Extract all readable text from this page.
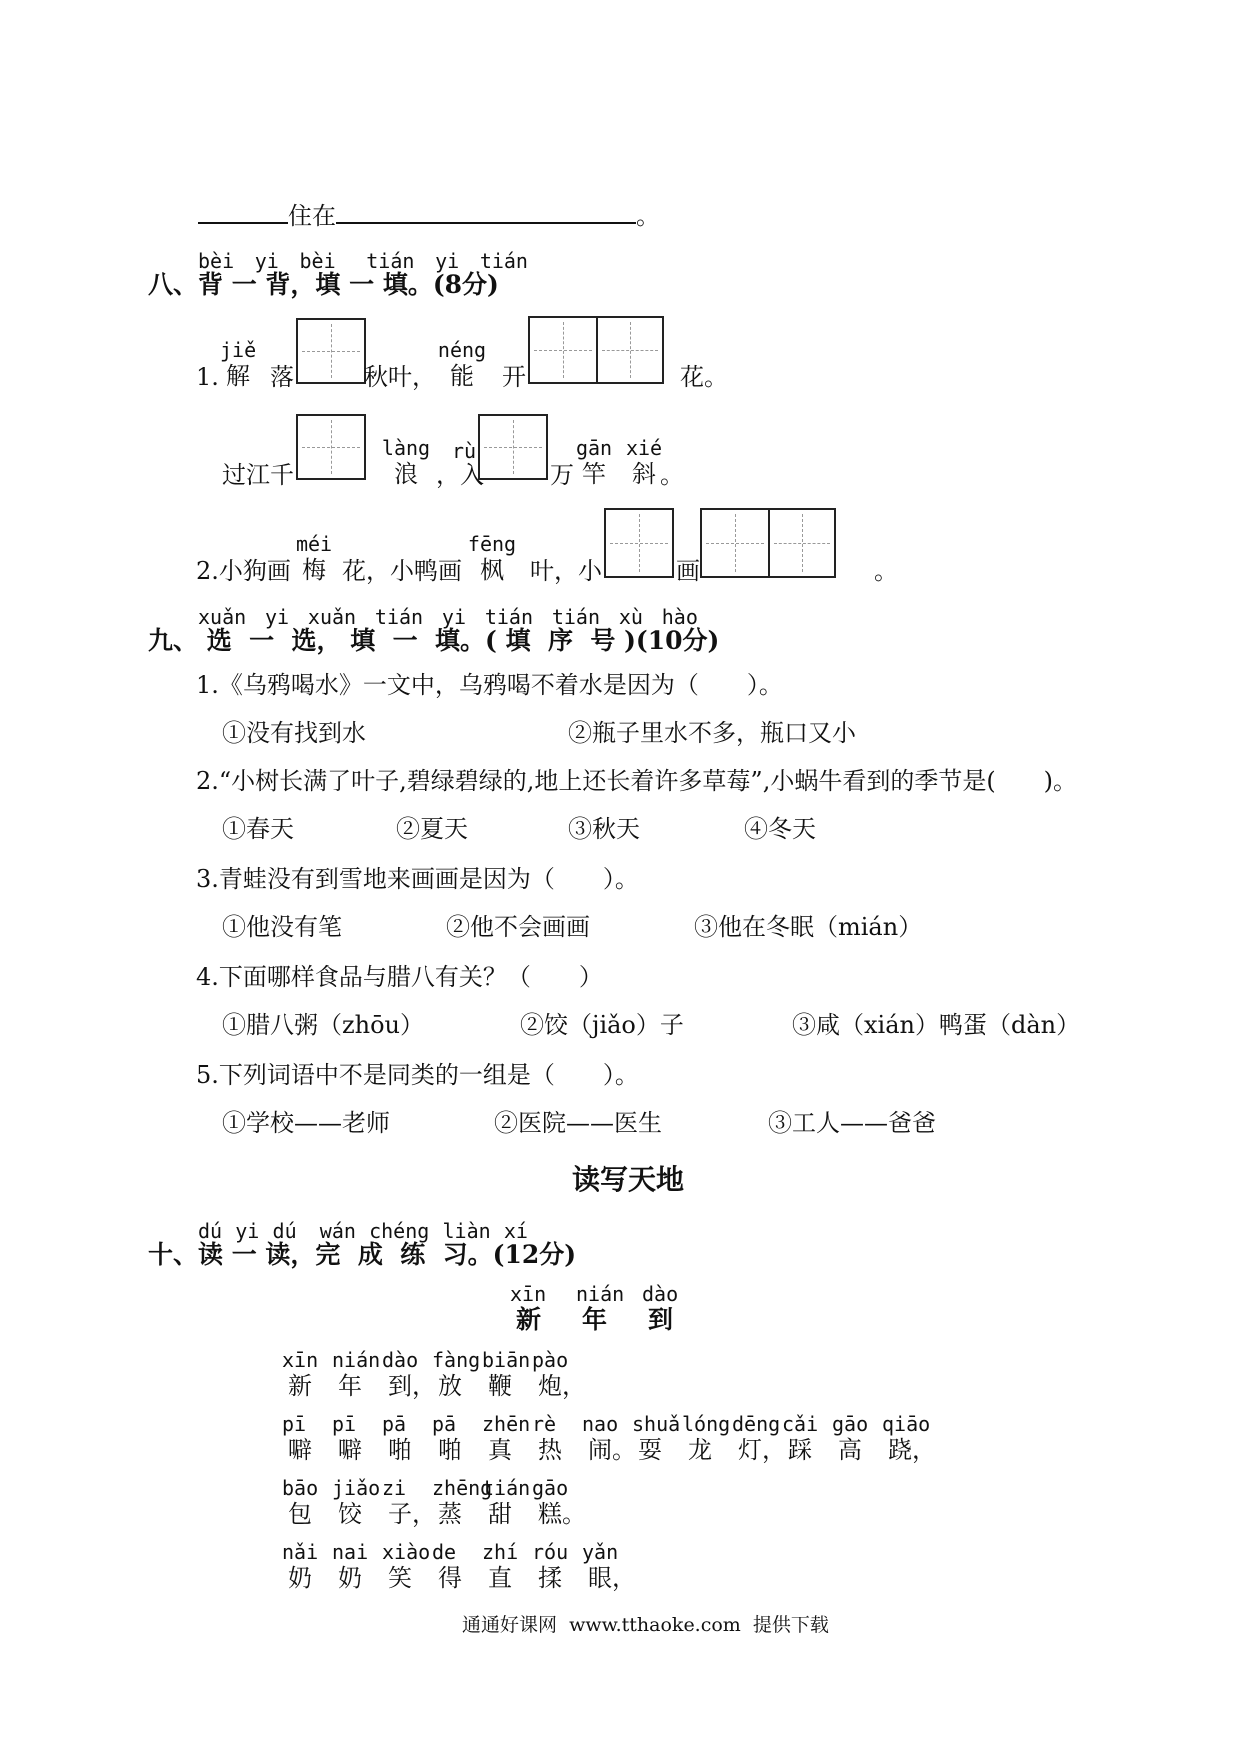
住在	。
bèi yi bèi tián yi tián
八、背 一 背，填 一 填。(8分)
1.
jiě
解 落	秋叶，
néng
能	开	花。
过江千
làng
浪 ，入
rù
万
gān
竿
xié
斜 。
2.小狗画
méi
梅 花，小鸭画
fēng
枫	叶，小	画	。
xuǎn yi xuǎn tián yi tián tián xù hào
九、 选  一  选， 填  一  填。( 填  序  号 )(10分)
1.《乌鸦喝水》一文中，乌鸦喝不着水是因为（　　）。
①没有找到水	②瓶子里水不多，瓶口又小
2.“小树长满了叶子,碧绿碧绿的,地上还长着许多草莓”,小蜗牛看到的季节是(　　)。
①春天	②夏天	③秋天	④冬天
3.青蛙没有到雪地来画画是因为（　　）。
①他没有笔	②他不会画画	③他在冬眠（mián）
4.下面哪样食品与腊八有关？（　　）
①腊八粥（zhōu）	②饺（jiǎo）子	③咸（xián）鸭蛋（dàn）
5.下列词语中不是同类的一组是（　　）。
①学校——老师	②医院——医生	③工人——爸爸
读写天地
dú yi dú wán chéng liàn xí
十、读 一 读，完  成  练  习。(12分)
xīn
新
nián
年
dào
到
xīn
新
nián
年
dào
到，
fàng
放
biān
鞭
pào
炮，
pī
噼
pī
噼
pā
啪
pā
啪
zhēn
真
rè
热
nao
闹。
shuǎ
耍
lóng
龙
dēng
灯，
cǎi
踩
gāo
高
qiāo
跷，
bāo
包
jiǎo
饺
zi
子，
zhēng
蒸
tián
甜
gāo
糕。
nǎi
奶
nai
奶
xiào
笑
de
得
zhí
直
róu
揉
yǎn
眼，
通通好课网  www.tthaoke.com  提供下载
